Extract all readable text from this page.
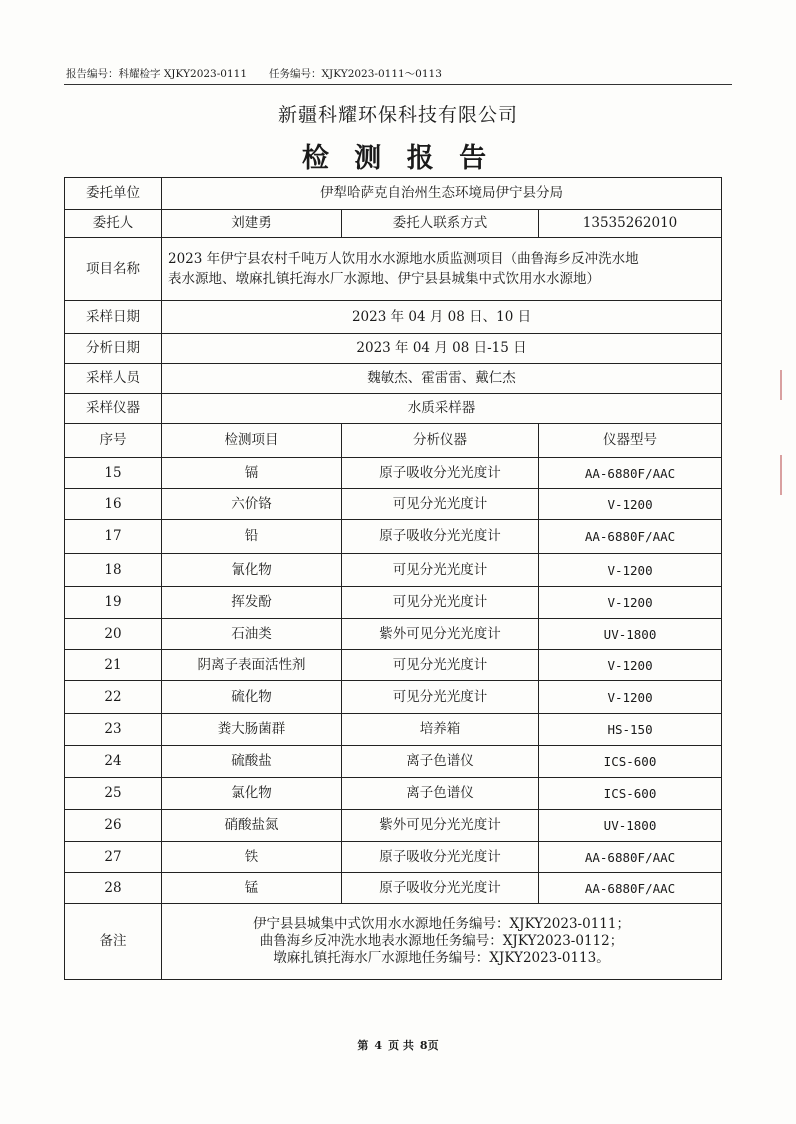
报告编号：科耀检字 XJKY2023-0111 任务编号：XJKY2023-0111～0113
新疆科耀环保科技有限公司
检 测 报 告
委托单位	伊犁哈萨克自治州生态环境局伊宁县分局		
委托人	刘建勇	委托人联系方式	13535262010
项目名称	2023 年伊宁县农村千吨万人饮用水水源地水质监测项目（曲鲁海乡反冲洗水地
表水源地、墩麻扎镇托海水厂水源地、伊宁县县城集中式饮用水水源地）		

采样日期	2023 年 04 月 08 日、10 日		
分析日期	2023 年 04 月 08 日-15 日		
采样人员	魏敏杰、霍雷雷、戴仁杰		
采样仪器	水质采样器		
序号	检测项目	分析仪器	仪器型号
15	镉	原子吸收分光光度计	AA-6880F/AAC
16	六价铬	可见分光光度计	V-1200
17	铅	原子吸收分光光度计	AA-6880F/AAC
18	氰化物	可见分光光度计	V-1200
19	挥发酚	可见分光光度计	V-1200
20	石油类	紫外可见分光光度计	UV-1800
21	阴离子表面活性剂	可见分光光度计	V-1200
22	硫化物	可见分光光度计	V-1200
23	粪大肠菌群	培养箱	HS-150
24	硫酸盐	离子色谱仪	ICS-600
25	氯化物	离子色谱仪	ICS-600
26	硝酸盐氮	紫外可见分光光度计	UV-1800
27	铁	原子吸收分光光度计	AA-6880F/AAC
28	锰	原子吸收分光光度计	AA-6880F/AAC
备注	伊宁县县城集中式饮用水水源地任务编号：XJKY2023-0111；
曲鲁海乡反冲洗水地表水源地任务编号：XJKY2023-0112；
墩麻扎镇托海水厂水源地任务编号：XJKY2023-0113。		
第 4 页 共 8页
